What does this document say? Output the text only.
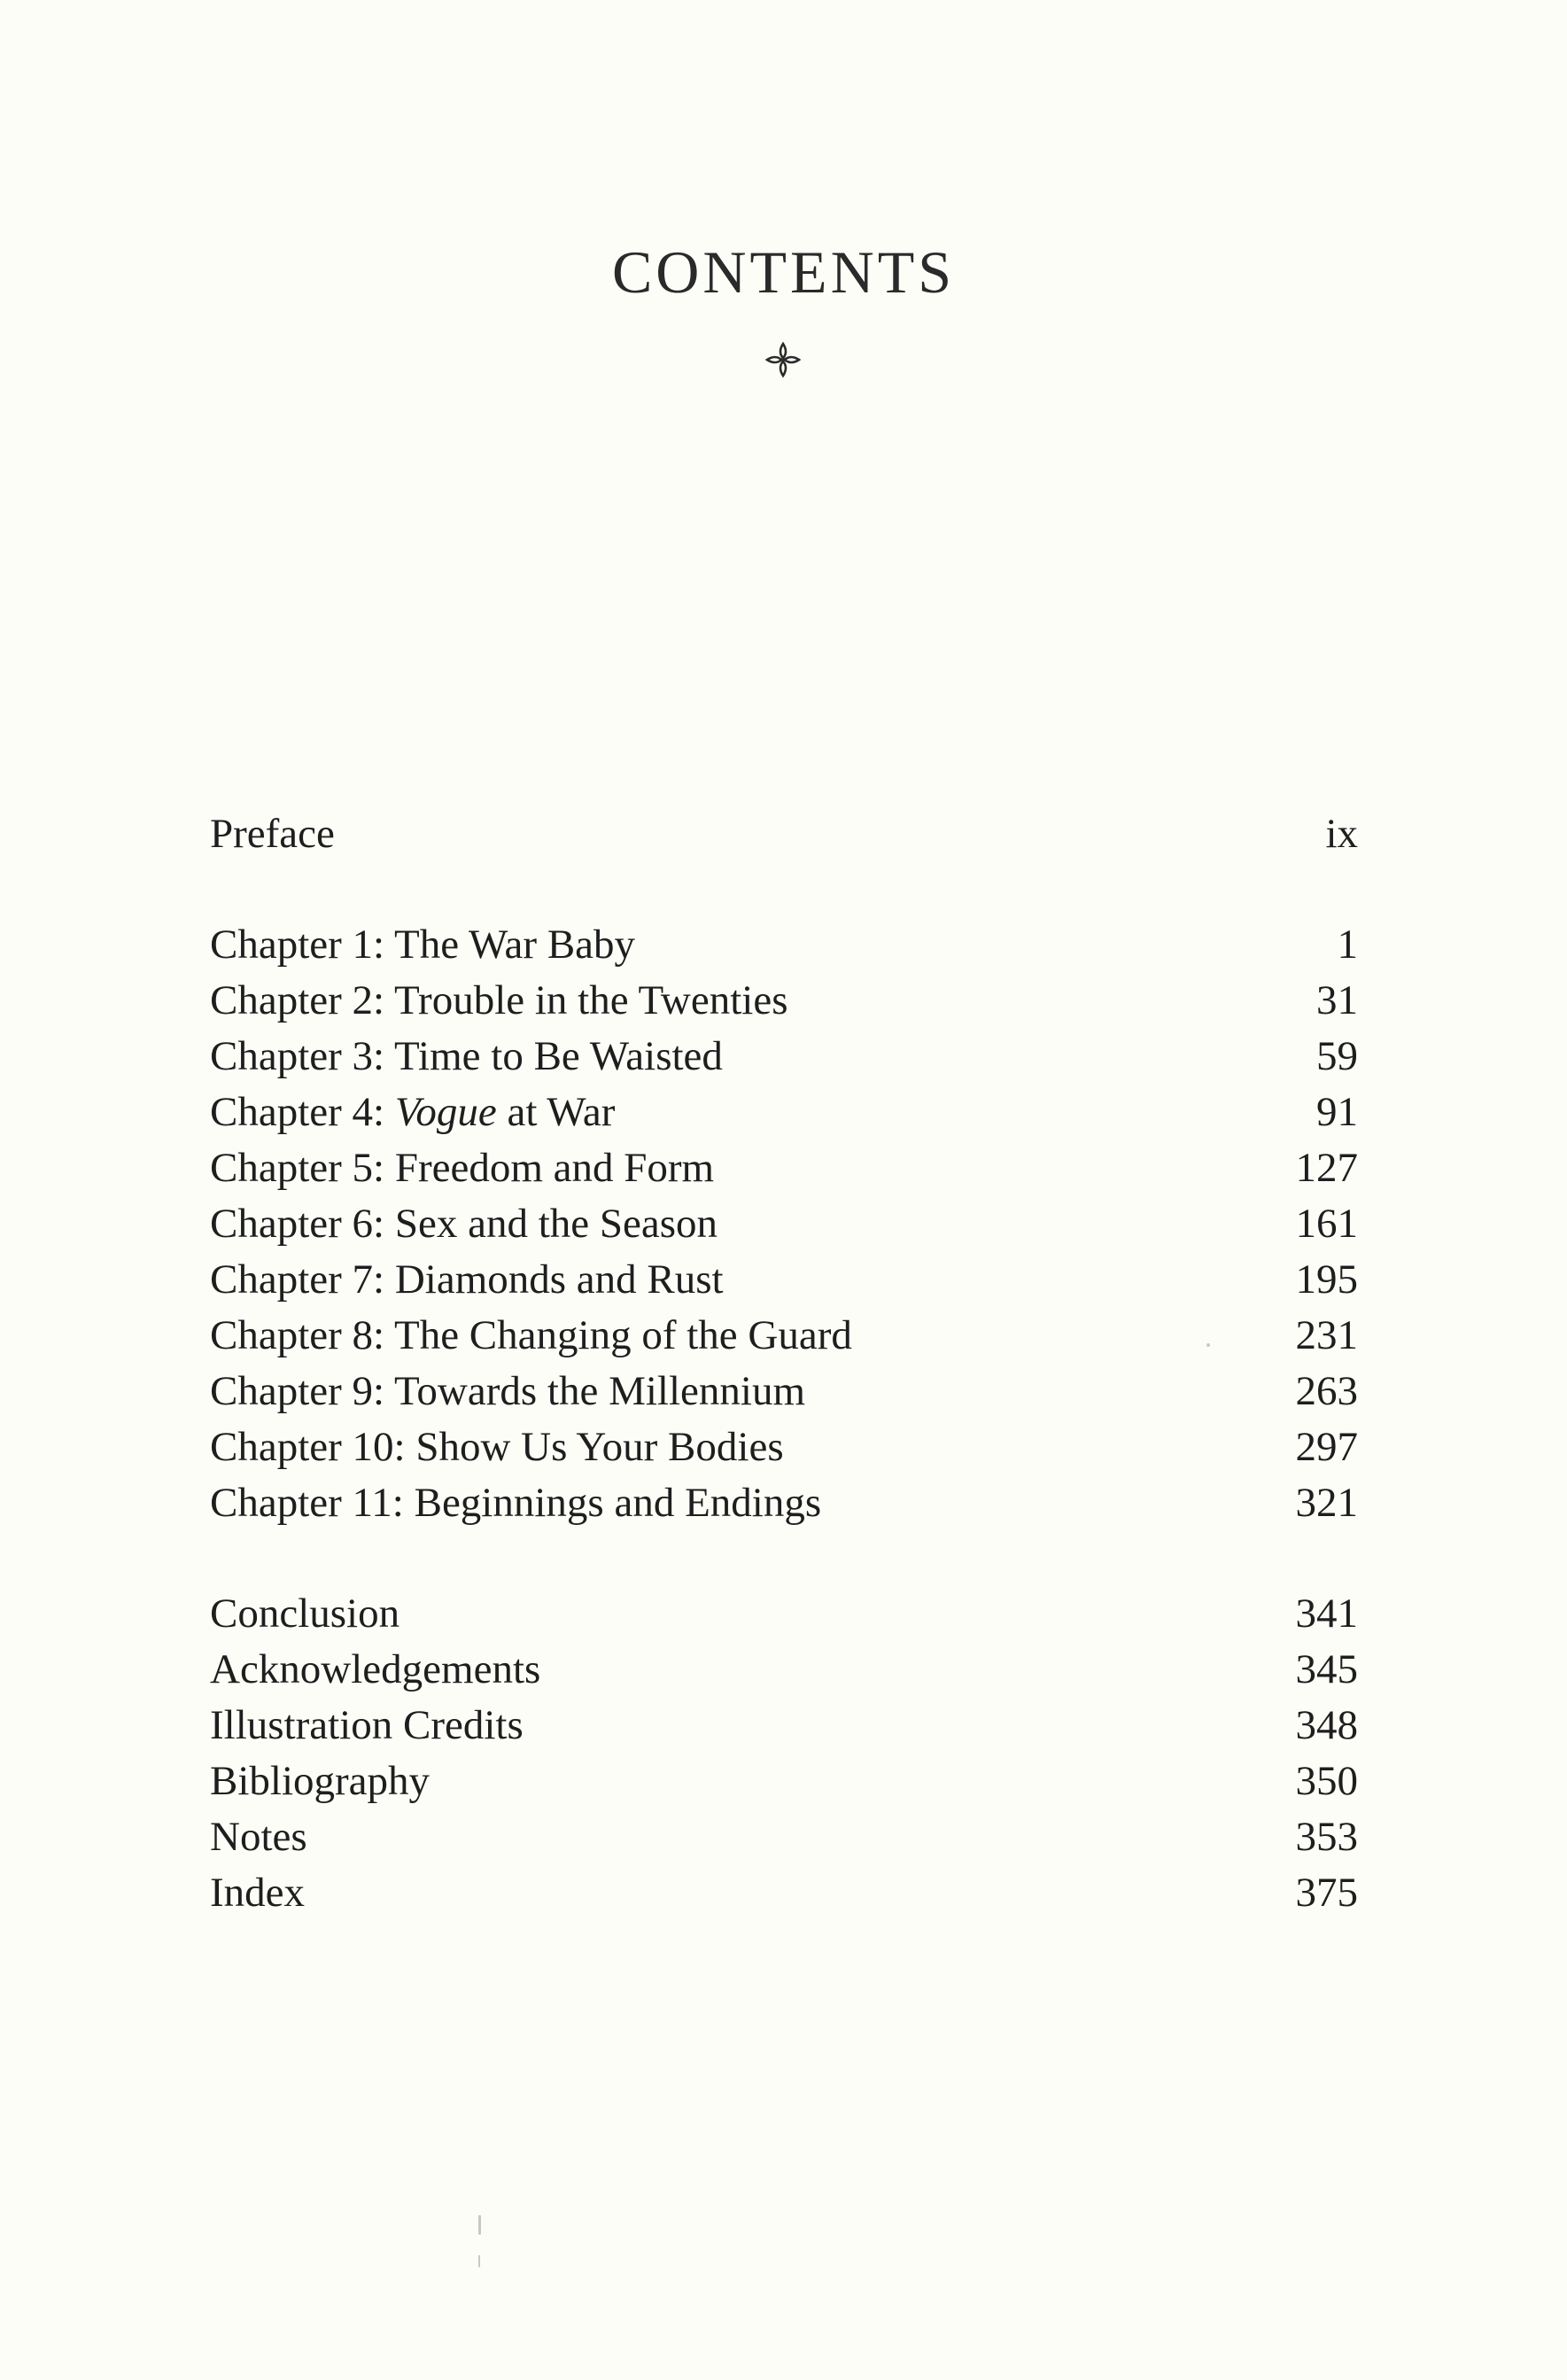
CONTENTS
Preface	ix
Chapter 1: The War Baby	1
Chapter 2: Trouble in the Twenties	31
Chapter 3: Time to Be Waisted	59
Chapter 4: Vogue at War	91
Chapter 5: Freedom and Form	127
Chapter 6: Sex and the Season	161
Chapter 7: Diamonds and Rust	195
Chapter 8: The Changing of the Guard	231
Chapter 9: Towards the Millennium	263
Chapter 10: Show Us Your Bodies	297
Chapter 11: Beginnings and Endings	321
Conclusion	341
Acknowledgements	345
Illustration Credits	348
Bibliography	350
Notes	353
Index	375
